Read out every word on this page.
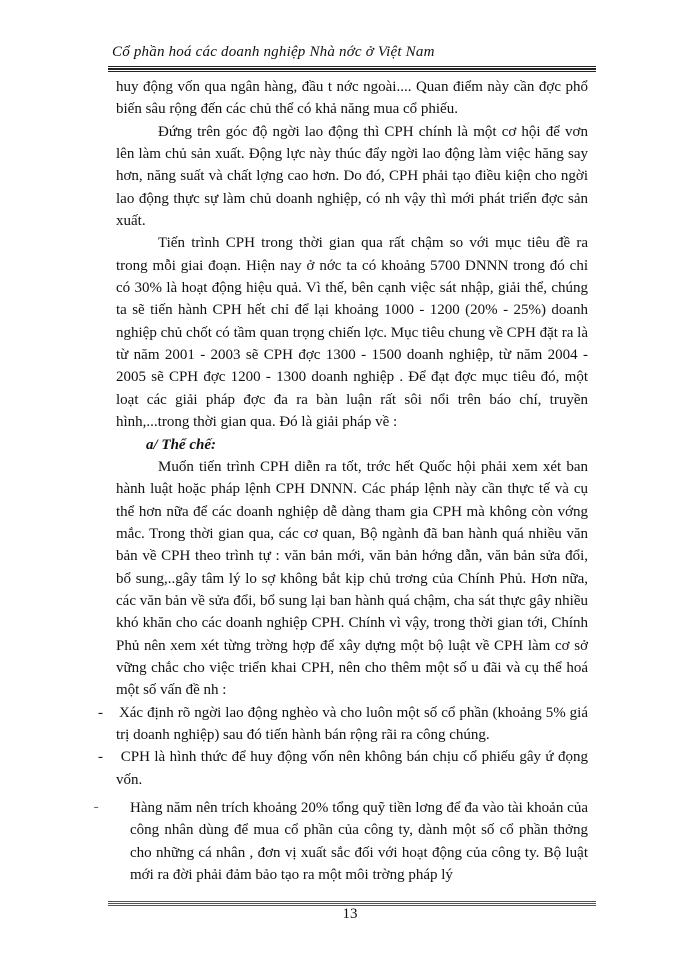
Cổ phần hoá các doanh nghiệp Nhà nớc ở Việt Nam

huy động vốn qua ngân hàng, đầu t nớc ngoài.... Quan điểm này cần đợc phổ biến sâu rộng đến các chủ thể có khả năng mua cổ phiếu.

Đứng trên góc độ ngời lao động thì CPH chính là một cơ hội để vơn lên làm chủ sản xuất. Động lực này thúc đẩy ngời lao động làm việc hăng say hơn, năng suất và chất lợng cao hơn. Do đó, CPH phải tạo điều kiện cho ngời lao động thực sự làm chủ doanh nghiệp, có nh vậy thì mới phát triển đợc sản xuất.

Tiến trình CPH trong thời gian qua rất chậm so với mục tiêu đề ra trong mỗi giai đoạn. Hiện nay ở nớc ta có khoảng 5700 DNNN trong đó chỉ có 30% là hoạt động hiệu quả. Vì thế, bên cạnh việc sát nhập, giải thể, chúng ta sẽ tiến hành CPH hết chỉ để lại khoảng 1000 - 1200 (20% - 25%) doanh nghiệp chủ chốt có tầm quan trọng chiến lợc. Mục tiêu chung về CPH đặt ra là từ năm 2001 - 2003 sẽ CPH đợc 1300 - 1500 doanh nghiệp, từ năm 2004 - 2005 sẽ CPH đợc 1200 - 1300 doanh nghiệp . Để đạt đợc mục tiêu đó, một loạt các giải pháp đợc đa ra bàn luận rất sôi nổi trên báo chí, truyền hình,...trong thời gian qua. Đó là giải pháp về :

a/ Thể chế:

Muốn tiến trình CPH diễn ra tốt, trớc hết Quốc hội phải xem xét ban hành luật hoặc pháp lệnh CPH DNNN. Các pháp lệnh này cần thực tế và cụ thể hơn nữa để các doanh nghiệp dễ dàng tham gia CPH mà không còn vớng mắc. Trong thời gian qua, các cơ quan, Bộ ngành đã ban hành quá nhiều văn bản về CPH theo trình tự : văn bản mới, văn bản hớng dẫn, văn bản sửa đổi, bổ sung,..gây tâm lý lo sợ không bắt kịp chủ trơng của Chính Phủ. Hơn nữa, các văn bản về sửa đổi, bổ sung lại ban hành quá chậm, cha sát thực gây nhiều khó khăn cho các doanh nghiệp CPH. Chính vì vậy, trong thời gian tới, Chính Phủ nên xem xét từng trờng hợp để xây dựng một bộ luật về CPH làm cơ sở vững chắc cho việc triển khai CPH, nên cho thêm một số u đãi và cụ thể hoá một số vấn đề nh :

- Xác định rõ ngời lao động nghèo và cho luôn một số cổ phần (khoảng 5% giá trị doanh nghiệp) sau đó tiến hành bán rộng rãi ra công chúng.

- CPH là hình thức để huy động vốn nên không bán chịu cổ phiếu gây ứ đọng vốn.

˗ Hàng năm nên trích khoảng 20% tổng quỹ tiền lơng để đa vào tài khoản của công nhân dùng để mua cổ phần của công ty, dành một số cổ phần thởng cho những cá nhân , đơn vị xuất sắc đối với hoạt động của công ty. Bộ luật mới ra đời phải đảm bảo tạo ra một môi trờng pháp lý

13
